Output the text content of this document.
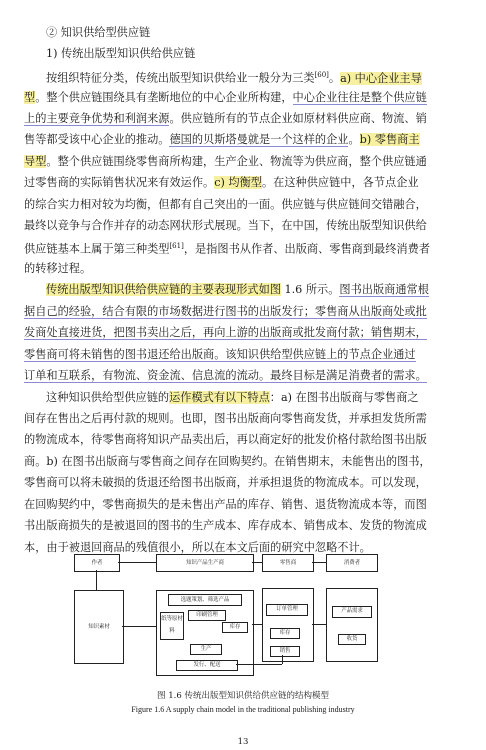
② 知识供给型供应链
1) 传统出版型知识供给供应链
按组织特征分类，传统出版型知识供给业一般分为三类[60]。a) 中心企业主导
型。整个供应链围绕具有垄断地位的中心企业所构建，中心企业往往是整个供应链
上的主要竞争优势和利润来源。供应链所有的节点企业如原材料供应商、物流、销
售等都受该中心企业的推动。德国的贝斯塔曼就是一个这样的企业。b) 零售商主
导型。整个供应链围绕零售商所构建，生产企业、物流等为供应商，整个供应链通
过零售商的实际销售状况来有效运作。c) 均衡型。在这种供应链中，各节点企业
的综合实力相对较为均衡，但都有自己突出的一面。供应链与供应链间交错融合，
最终以竞争与合作并存的动态网状形式展现。当下，在中国，传统出版型知识供给
供应链基本上属于第三种类型[61]，是指图书从作者、出版商、零售商到最终消费者
的转移过程。
传统出版型知识供给供应链的主要表现形式如图 1.6 所示。图书出版商通常根
据自己的经验，结合有限的市场数据进行图书的出版发行；零售商从出版商处或批
发商处直接进货，把图书卖出之后，再向上游的出版商或批发商付款；销售期末，
零售商可将未销售的图书退还给出版商。该知识供给型供应链上的节点企业通过
订单和互联系，有物流、资金流、信息流的流动。最终目标是满足消费者的需求。
这种知识供给型供应链的运作模式有以下特点：a) 在图书出版商与零售商之
间存在售出之后再付款的规则。也即，图书出版商向零售商发货，并承担发货所需
的物流成本，待零售商将知识产品卖出后，再以商定好的批发价格付款给图书出版
商。b) 在图书出版商与零售商之间存在回购契约。在销售期末，未能售出的图书，
零售商可以将未破损的货退还给图书出版商，并承担退货的物流成本。可以发现，
在回购契约中，零售商损失的是未售出产品的库存、销售、退货物流成本等，而图
书出版商损失的是被退回的图书的生产成本、库存成本、销售成本、发货的物流成
本，由于被退回商品的残值很小，所以在本文后面的研究中忽略不计。
作者	知识产品生产商	零售商	消费者
知识素材
选题策划、筛选产品
纸等原材料
印刷管理
库存
生产
发行、配送
订单管理
库存
销售
产品需求
收货
图 1.6 传统出版型知识供给供应链的结构模型
Figure 1.6 A supply chain model in the traditional publishing industry
13
